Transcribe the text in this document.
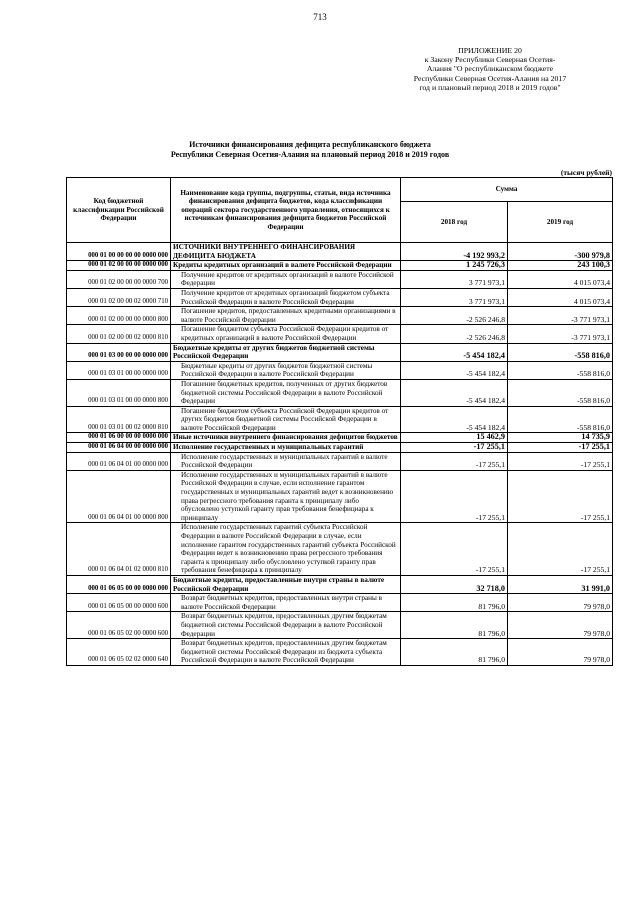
713
ПРИЛОЖЕНИЕ 20
к Закону Республики Северная Осетия-
Алания "О республиканском бюджете
Республики Северная Осетия-Алания на 2017
год и плановый период 2018 и 2019 годов"
Источники финансирования дефицита республиканского бюджета
Республики Северная Осетия-Алания на плановый период 2018 и 2019 годов
(тысяч рублей)
Код бюджетной классификации Российской Федерации	Наименование кода группы, подгруппы, статьи, вида источника финансирования дефицита бюджетов, кода классификации операций сектора государственного управления, относящихся к источникам финансирования дефицита бюджетов Российской Федерации	Сумма	
		2018 год	2019 год
000 01 00 00 00 00 0000 000	ИСТОЧНИКИ ВНУТРЕННЕГО ФИНАНСИРОВАНИЯ ДЕФИЦИТА БЮДЖЕТА	-4 192 993,2	-300 979,8
000 01 02 00 00 00 0000 000	Кредиты кредитных организаций в валюте Российской Федерации	1 245 726,3	243 100,3
000 01 02 00 00 00 0000 700	Получение кредитов от кредитных организаций в валюте Российской Федерации	3 771 973,1	4 015 073,4
000 01 02 00 00 02 0000 710	Получение кредитов от кредитных организаций бюджетом субъекта Российской Федерации в валюте Российской Федерации	3 771 973,1	4 015 073,4
000 01 02 00 00 00 0000 800	Погашение кредитов, предоставленных кредитными организациями в валюте Российской Федерации	-2 526 246,8	-3 771 973,1
000 01 02 00 00 02 0000 810	Погашение бюджетом субъекта Российской Федерации кредитов от кредитных организаций в валюте Российской Федерации	-2 526 246,8	-3 771 973,1
000 01 03 00 00 00 0000 000	Бюджетные кредиты от других бюджетов бюджетной системы Российской Федерации	-5 454 182,4	-558 816,0
000 01 03 01 00 00 0000 000	Бюджетные кредиты от других бюджетов бюджетной системы Российской Федерации в валюте Российской Федерации	-5 454 182,4	-558 816,0
000 01 03 01 00 00 0000 800	Погашение бюджетных кредитов, полученных от других бюджетов бюджетной системы Российской Федерации в валюте Российской Федерации	-5 454 182,4	-558 816,0
000 01 03 01 00 02 0000 810	Погашение бюджетом субъекта Российской Федерации кредитов от других бюджетов бюджетной системы Российской Федерации в валюте Российской Федерации	-5 454 182,4	-558 816,0
000 01 06 00 00 00 0000 000	Иные источники внутреннего финансирования дефицитов бюджетов	15 462,9	14 735,9
000 01 06 04 00 00 0000 000	Исполнение государственных и муниципальных гарантий	-17 255,1	-17 255,1
000 01 06 04 01 00 0000 000	Исполнение государственных и муниципальных гарантий в валюте Российской Федерации	-17 255,1	-17 255,1
000 01 06 04 01 00 0000 800	Исполнение государственных и муниципальных гарантий в валюте Российской Федерации в случае, если исполнение гарантом государственных и муниципальных гарантий ведет к возникновению права регрессного требования гаранта к принципалу либо обусловлено уступкой гаранту прав требования бенефициара к принципалу	-17 255,1	-17 255,1
000 01 06 04 01 02 0000 810	Исполнение государственных гарантий субъекта Российской Федерации в валюте Российской Федерации в случае, если исполнение гарантом государственных гарантий субъекта Российской Федерации ведет к возникновению права регрессного требования гаранта к принципалу либо обусловлено уступкой гаранту прав требования бенефициара к принципалу	-17 255,1	-17 255,1
000 01 06 05 00 00 0000 000	Бюджетные кредиты, предоставленные внутри страны в валюте Российской Федерации	32 718,0	31 991,0
000 01 06 05 00 00 0000 600	Возврат бюджетных кредитов, предоставленных внутри страны в валюте Российской Федерации	81 796,0	79 978,0
000 01 06 05 02 00 0000 600	Возврат бюджетных кредитов, предоставленных другим бюджетам бюджетной системы Российской Федерации в валюте Российской Федерации	81 796,0	79 978,0
000 01 06 05 02 02 0000 640	Возврат бюджетных кредитов, предоставленных другим бюджетам бюджетной системы Российской Федерации из бюджета субъекта Российской Федерации в валюте Российской Федерации	81 796,0	79 978,0
